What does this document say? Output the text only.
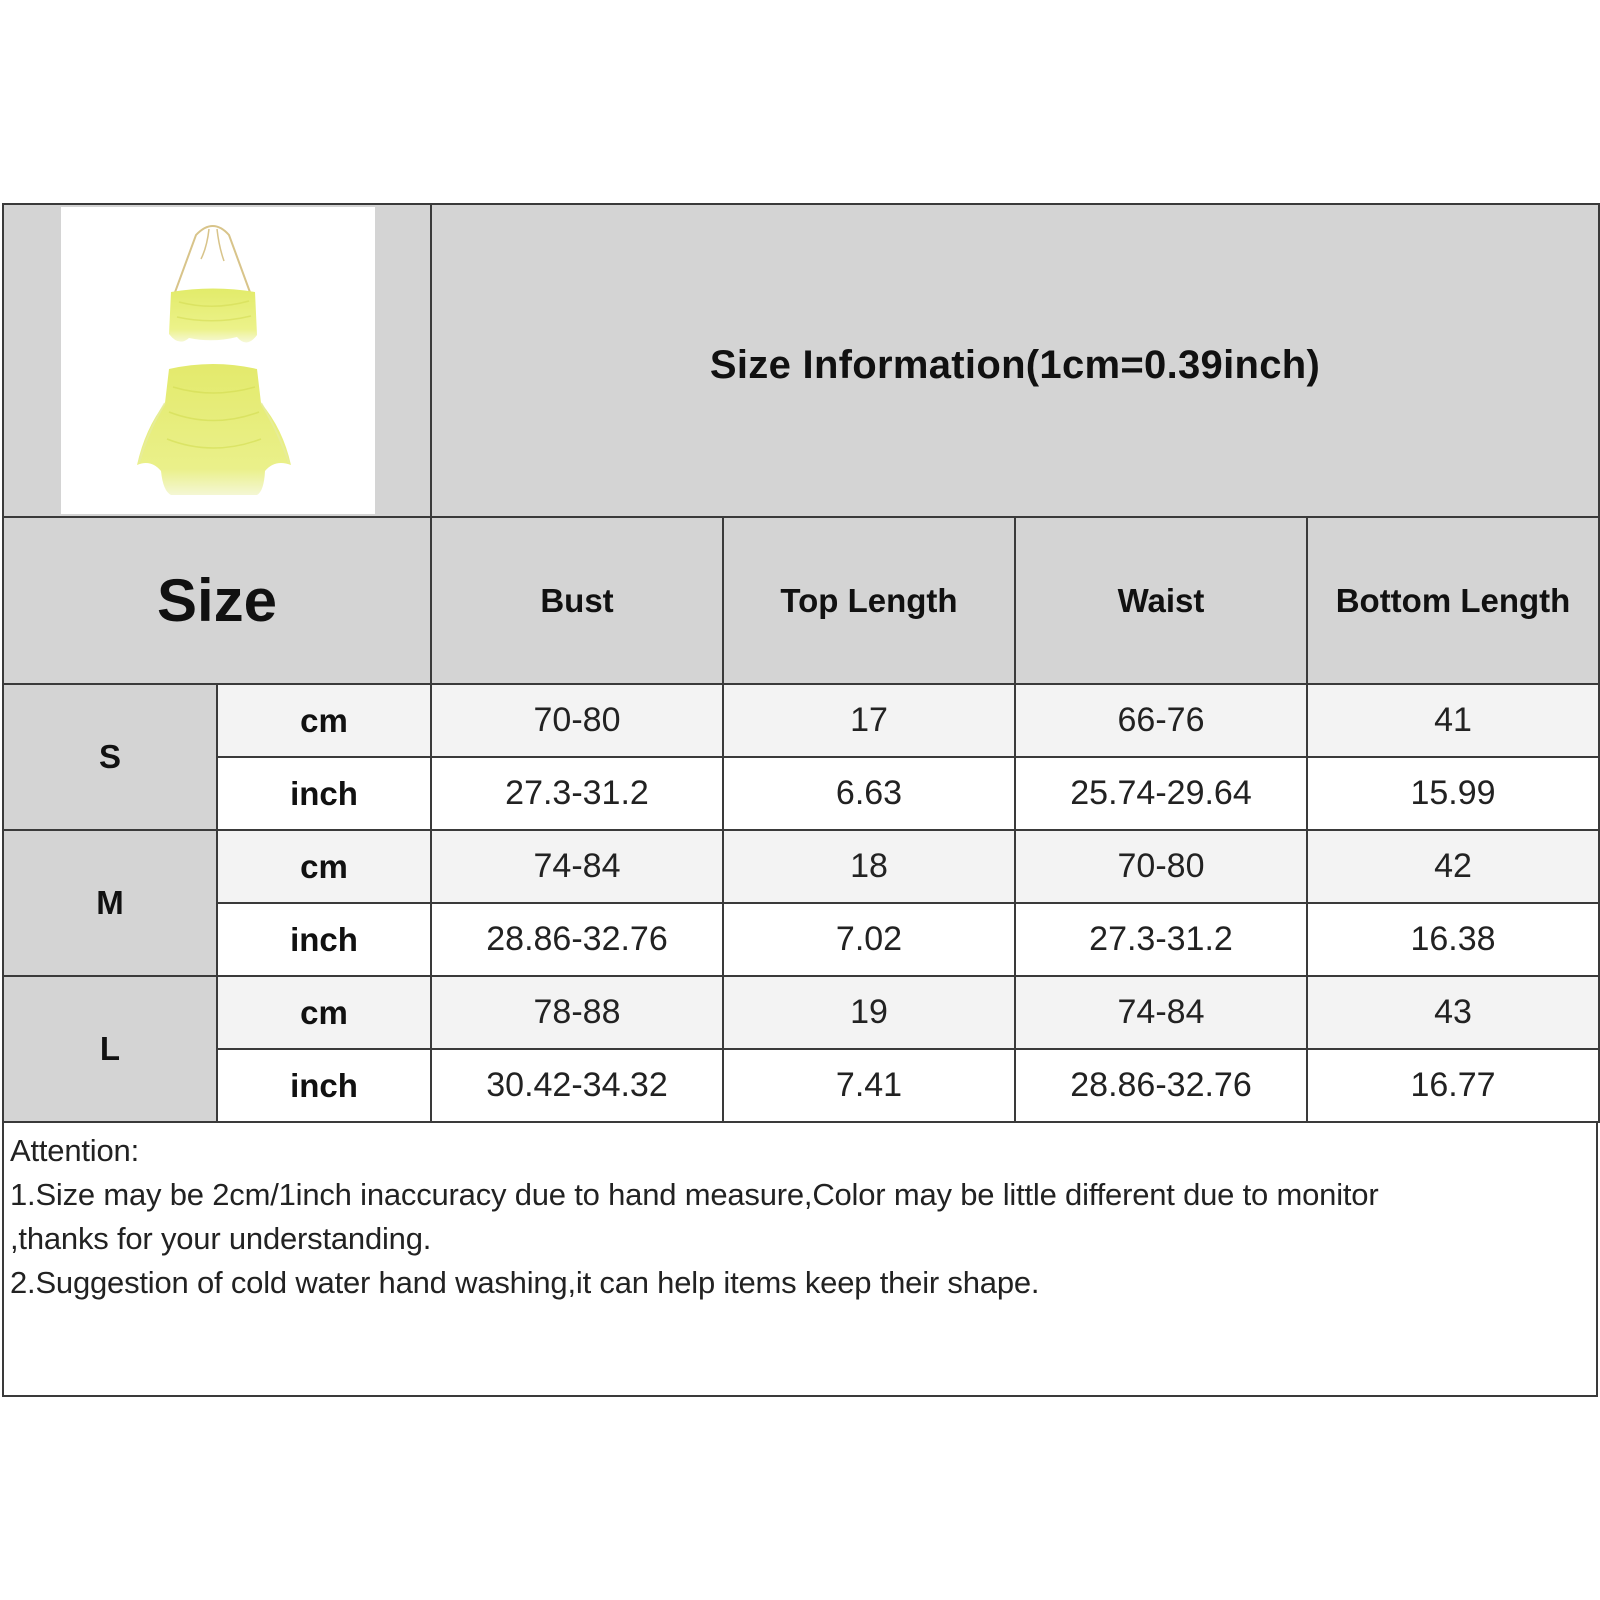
	Size Information(1cm=0.39inch)			
Size		Bust	Top Length	Waist	Bottom Length
S	cm	70-80	17	66-76	41
	inch	27.3-31.2	6.63	25.74-29.64	15.99
M	cm	74-84	18	70-80	42
	inch	28.86-32.76	7.02	27.3-31.2	16.38
L	cm	78-88	19	74-84	43
	inch	30.42-34.32	7.41	28.86-32.76	16.77
Attention:
1.Size may be 2cm/1inch inaccuracy due to hand measure,Color may be little different due to monitor
,thanks for your understanding.
2.Suggestion of cold water hand washing,it can help items keep their shape.
